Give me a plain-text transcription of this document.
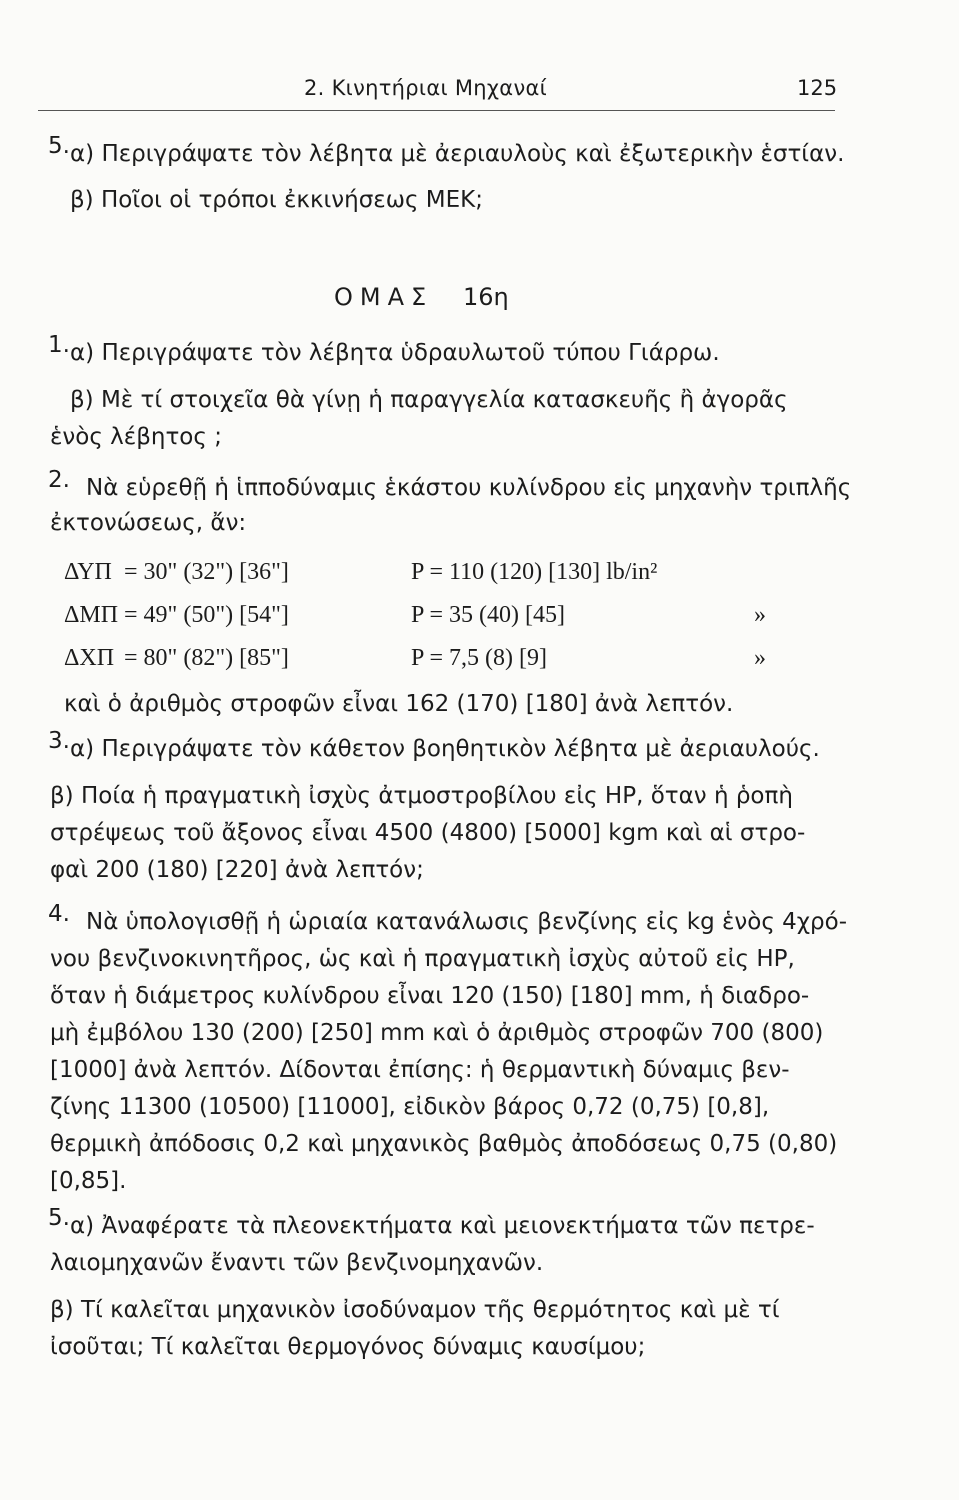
2. Κινητήριαι Μηχαναί	125
5. α) Περιγράψατε τὸν λέβητα μὲ ἀεριαυλοὺς καὶ ἐξωτερικὴν ἑστίαν.
β) Ποῖοι οἱ τρόποι ἐκκινήσεως ΜΕΚ;
ΟΜΑΣ 16η
1. α) Περιγράψατε τὸν λέβητα ὑδραυλωτοῦ τύπου Γιάρρω.
β) Μὲ τί στοιχεῖα θὰ γίνῃ ἡ παραγγελία κατασκευῆς ἢ ἀγορᾶς
ἑνὸς λέβητος ;
2. Νὰ εὑρεθῇ ἡ ἱπποδύναμις ἑκάστου κυλίνδρου εἰς μηχανὴν τριπλῆς
ἐκτονώσεως, ἄν:
ΔΥΠ = 30" (32") [36"]	P = 110 (120) [130] lb/in²
ΔΜΠ = 49" (50") [54"]	P = 35 (40) [45]	»
ΔΧΠ = 80" (82") [85"]	P = 7,5 (8) [9]	»
καὶ ὁ ἀριθμὸς στροφῶν εἶναι 162 (170) [180] ἀνὰ λεπτόν.
3. α) Περιγράψατε τὸν κάθετον βοηθητικὸν λέβητα μὲ ἀεριαυλούς.
β) Ποία ἡ πραγματικὴ ἰσχὺς ἀτμοστροβίλου εἰς HP, ὅταν ἡ ῥοπὴ
στρέψεως τοῦ ἄξονος εἶναι 4500 (4800) [5000] kgm καὶ αἱ στρο-
φαὶ 200 (180) [220] ἀνὰ λεπτόν;
4. Νὰ ὑπολογισθῇ ἡ ὡριαία κατανάλωσις βενζίνης εἰς kg ἑνὸς 4χρό-
νου βενζινοκινητῆρος, ὡς καὶ ἡ πραγματικὴ ἰσχὺς αὐτοῦ εἰς HP,
ὅταν ἡ διάμετρος κυλίνδρου εἶναι 120 (150) [180] mm, ἡ διαδρο-
μὴ ἐμβόλου 130 (200) [250] mm καὶ ὁ ἀριθμὸς στροφῶν 700 (800)
[1000] ἀνὰ λεπτόν. Δίδονται ἐπίσης: ἡ θερμαντικὴ δύναμις βεν-
ζίνης 11300 (10500) [11000], εἰδικὸν βάρος 0,72 (0,75) [0,8],
θερμικὴ ἀπόδοσις 0,2 καὶ μηχανικὸς βαθμὸς ἀποδόσεως 0,75 (0,80)
[0,85].
5. α) Ἀναφέρατε τὰ πλεονεκτήματα καὶ μειονεκτήματα τῶν πετρε-
λαιομηχανῶν ἔναντι τῶν βενζινομηχανῶν.
β) Τί καλεῖται μηχανικὸν ἰσοδύναμον τῆς θερμότητος καὶ μὲ τί
ἰσοῦται; Τί καλεῖται θερμογόνος δύναμις καυσίμου;
